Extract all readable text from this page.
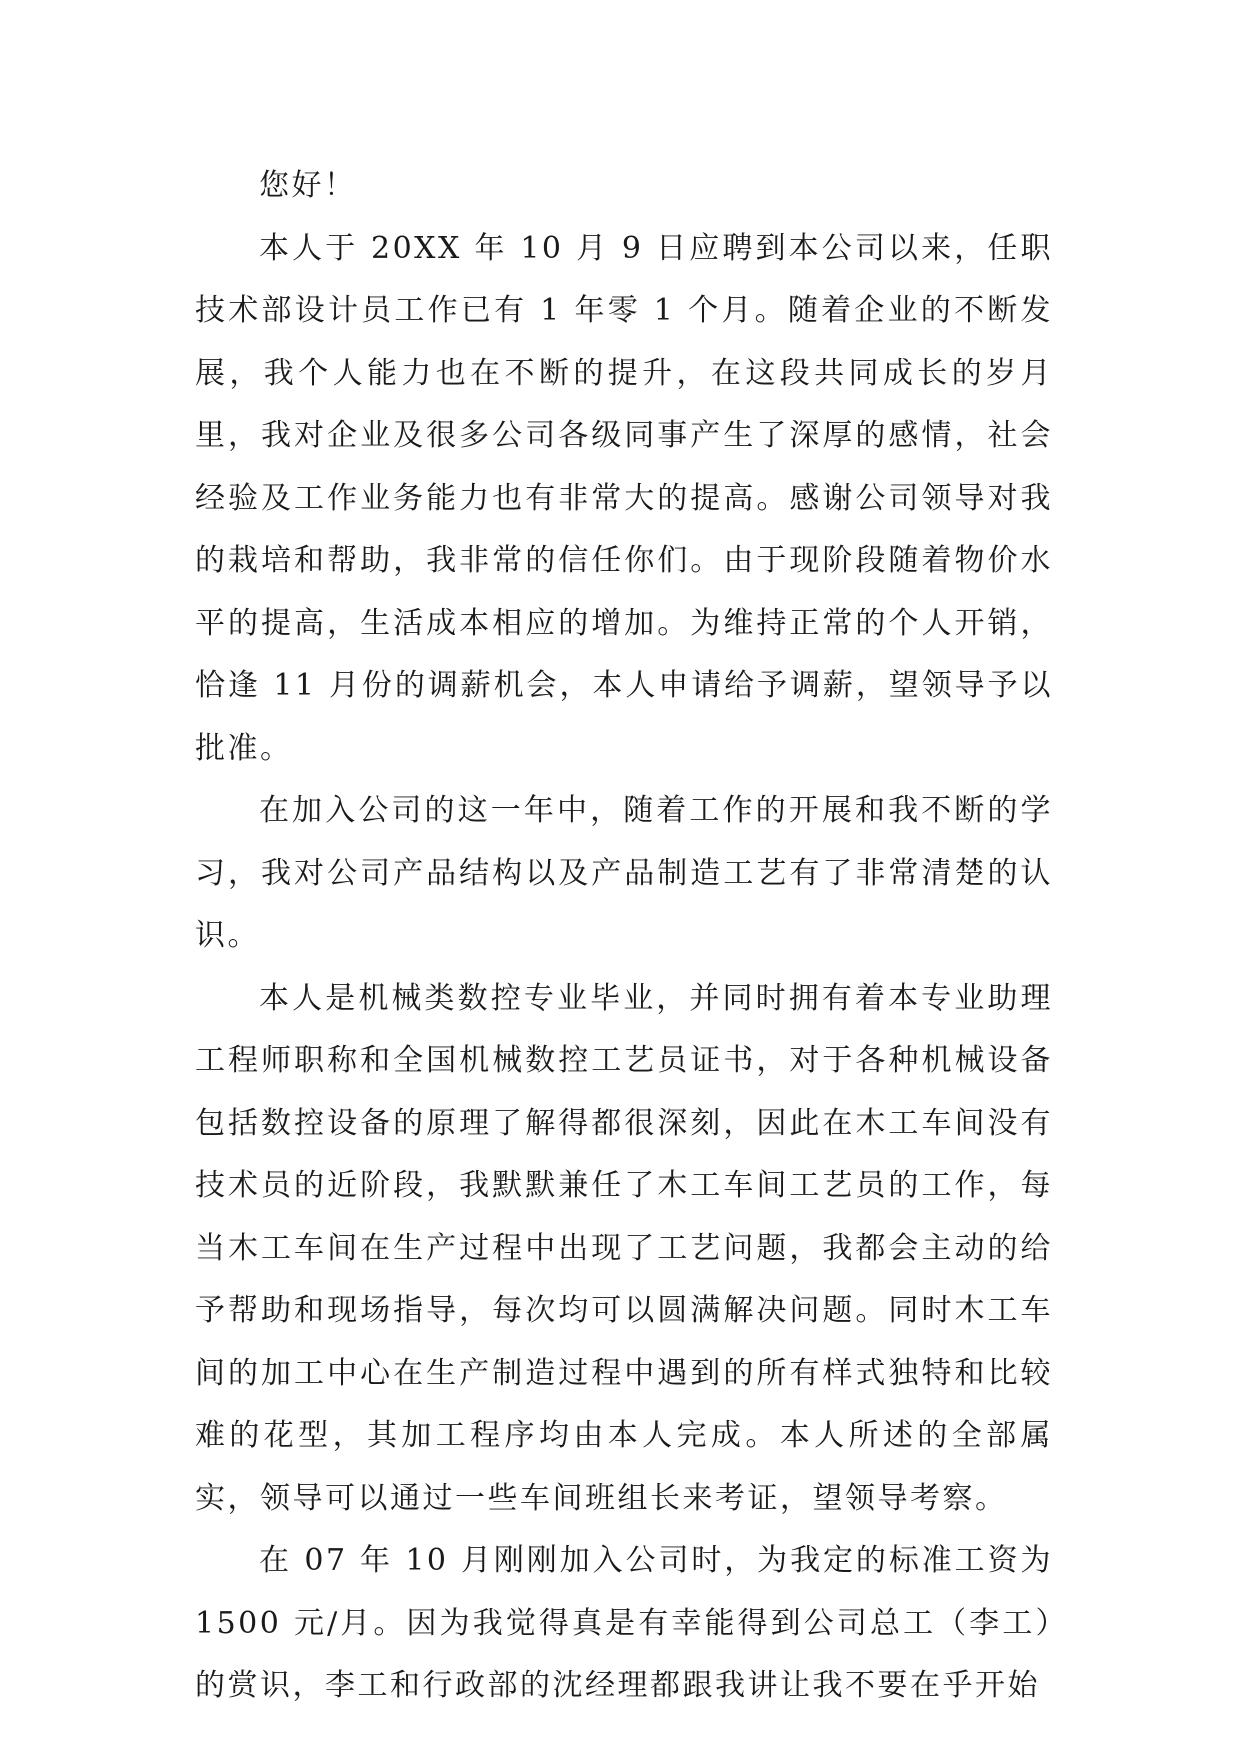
您好！

本人于 20XX 年 10 月 9 日应聘到本公司以来，任职技术部设计员工作已有 1 年零 1 个月。随着企业的不断发展，我个人能力也在不断的提升，在这段共同成长的岁月里，我对企业及很多公司各级同事产生了深厚的感情，社会经验及工作业务能力也有非常大的提高。感谢公司领导对我的栽培和帮助，我非常的信任你们。由于现阶段随着物价水平的提高，生活成本相应的增加。为维持正常的个人开销，恰逢 11 月份的调薪机会，本人申请给予调薪，望领导予以批准。

在加入公司的这一年中，随着工作的开展和我不断的学习，我对公司产品结构以及产品制造工艺有了非常清楚的认识。

本人是机械类数控专业毕业，并同时拥有着本专业助理工程师职称和全国机械数控工艺员证书，对于各种机械设备包括数控设备的原理了解得都很深刻，因此在木工车间没有技术员的近阶段，我默默兼任了木工车间工艺员的工作，每当木工车间在生产过程中出现了工艺问题，我都会主动的给予帮助和现场指导，每次均可以圆满解决问题。同时木工车间的加工中心在生产制造过程中遇到的所有样式独特和比较难的花型，其加工程序均由本人完成。本人所述的全部属实，领导可以通过一些车间班组长来考证，望领导考察。

在 07 年 10 月刚刚加入公司时，为我定的标准工资为 1500 元/月。因为我觉得真是有幸能得到公司总工（李工）的赏识，李工和行政部的沈经理都跟我讲让我不要在乎开始
